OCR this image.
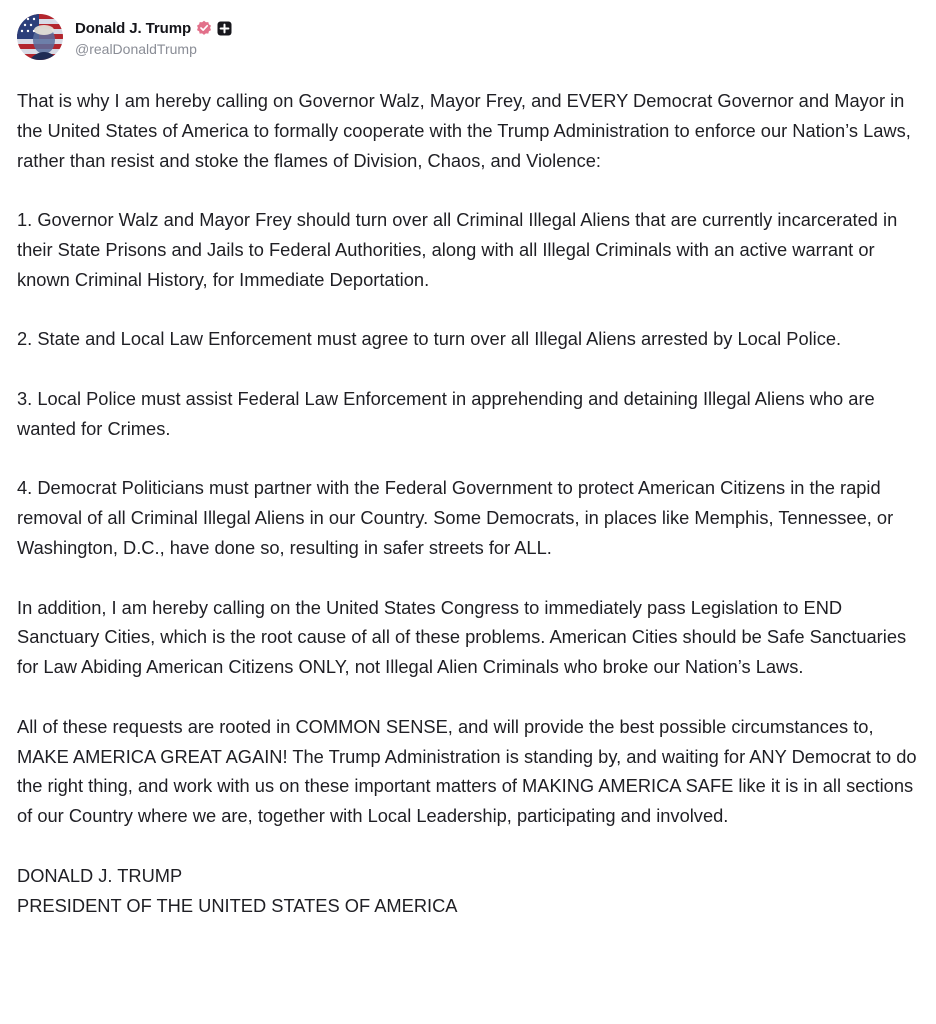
Donald J. Trump
@realDonaldTrump

That is why I am hereby calling on Governor Walz, Mayor Frey, and EVERY Democrat Governor and Mayor in the United States of America to formally cooperate with the Trump Administration to enforce our Nation’s Laws, rather than resist and stoke the flames of Division, Chaos, and Violence:

1. Governor Walz and Mayor Frey should turn over all Criminal Illegal Aliens that are currently incarcerated in their State Prisons and Jails to Federal Authorities, along with all Illegal Criminals with an active warrant or known Criminal History, for Immediate Deportation.

2. State and Local Law Enforcement must agree to turn over all Illegal Aliens arrested by Local Police.

3. Local Police must assist Federal Law Enforcement in apprehending and detaining Illegal Aliens who are wanted for Crimes.

4. Democrat Politicians must partner with the Federal Government to protect American Citizens in the rapid removal of all Criminal Illegal Aliens in our Country. Some Democrats, in places like Memphis, Tennessee, or Washington, D.C., have done so, resulting in safer streets for ALL.

In addition, I am hereby calling on the United States Congress to immediately pass Legislation to END Sanctuary Cities, which is the root cause of all of these problems. American Cities should be Safe Sanctuaries for Law Abiding American Citizens ONLY, not Illegal Alien Criminals who broke our Nation’s Laws.

All of these requests are rooted in COMMON SENSE, and will provide the best possible circumstances to, MAKE AMERICA GREAT AGAIN! The Trump Administration is standing by, and waiting for ANY Democrat to do the right thing, and work with us on these important matters of MAKING AMERICA SAFE like it is in all sections of our Country where we are, together with Local Leadership, participating and involved.

DONALD J. TRUMP

PRESIDENT OF THE UNITED STATES OF AMERICA
